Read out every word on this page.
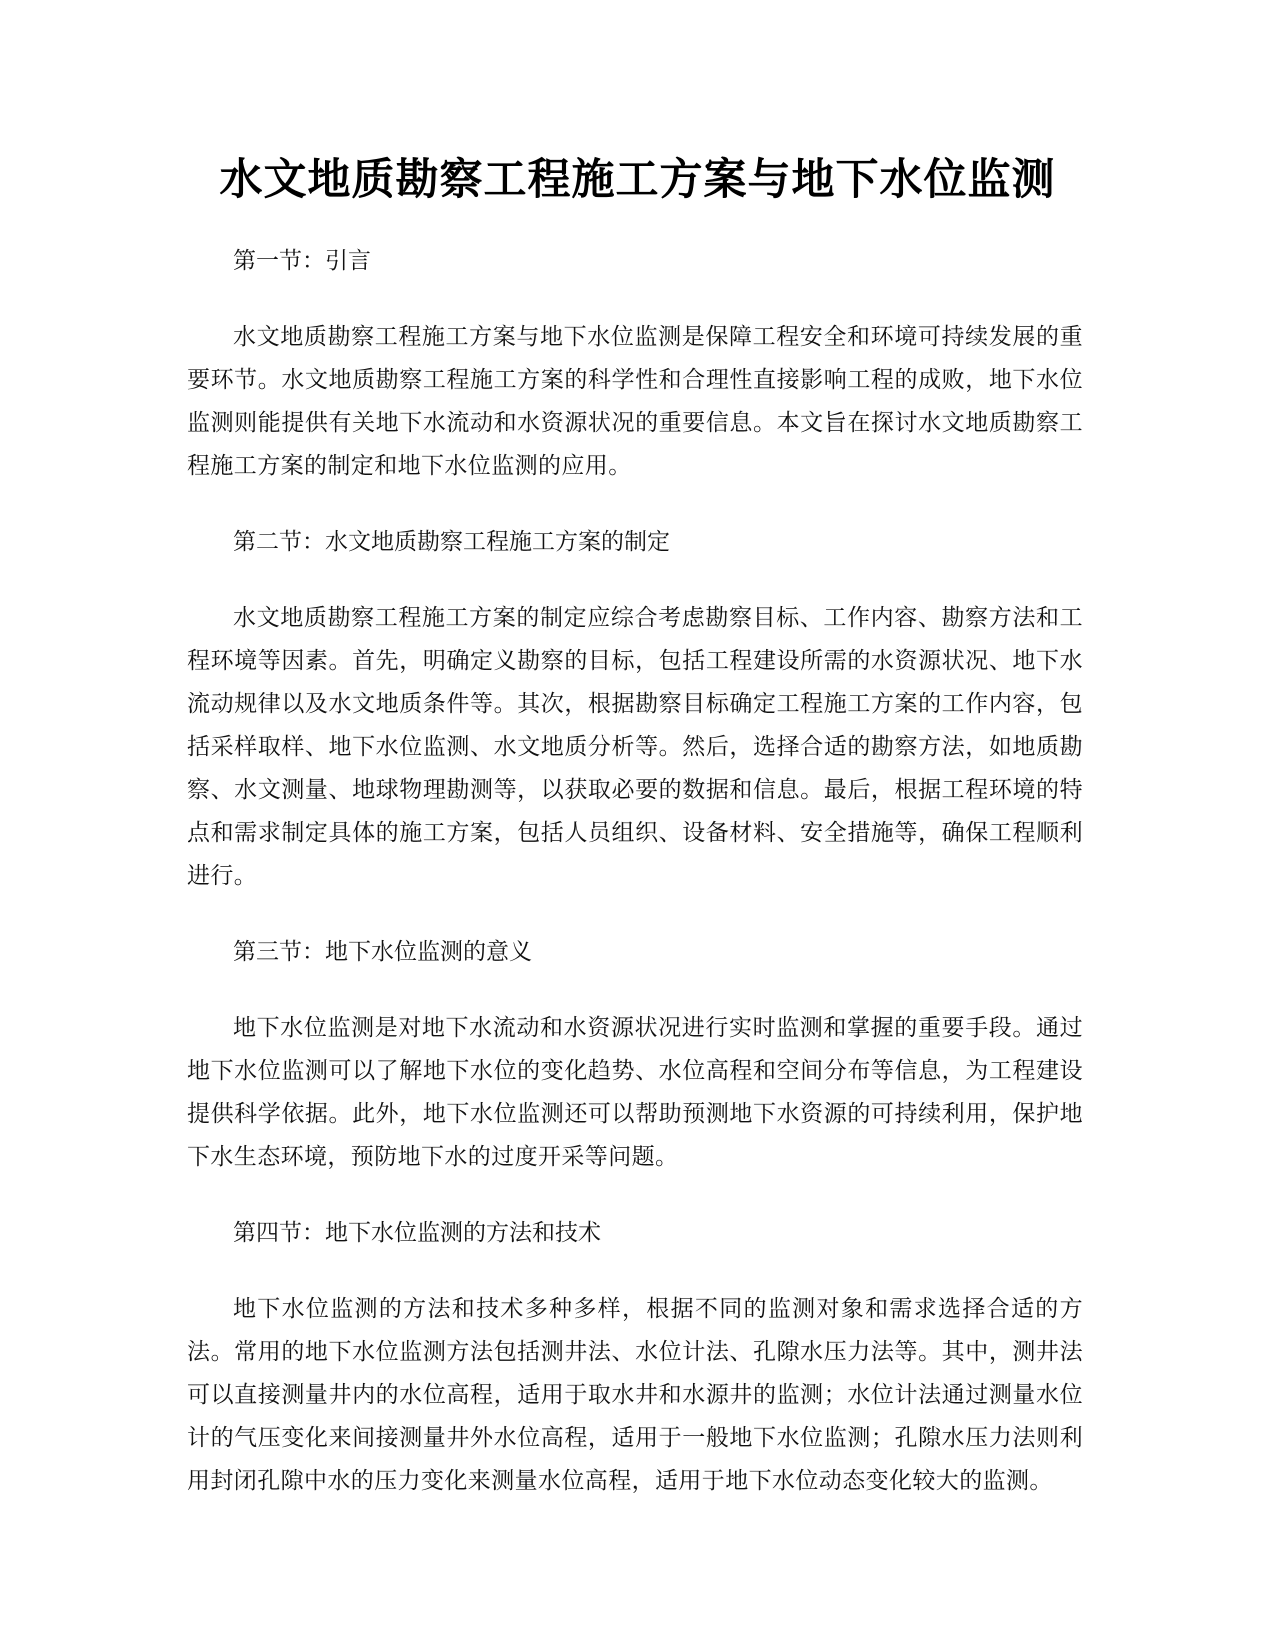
水文地质勘察工程施工方案与地下水位监测

第一节：引言

水文地质勘察工程施工方案与地下水位监测是保障工程安全和环境可持续发展的重要环节。水文地质勘察工程施工方案的科学性和合理性直接影响工程的成败，地下水位监测则能提供有关地下水流动和水资源状况的重要信息。本文旨在探讨水文地质勘察工程施工方案的制定和地下水位监测的应用。

第二节：水文地质勘察工程施工方案的制定

水文地质勘察工程施工方案的制定应综合考虑勘察目标、工作内容、勘察方法和工程环境等因素。首先，明确定义勘察的目标，包括工程建设所需的水资源状况、地下水流动规律以及水文地质条件等。其次，根据勘察目标确定工程施工方案的工作内容，包括采样取样、地下水位监测、水文地质分析等。然后，选择合适的勘察方法，如地质勘察、水文测量、地球物理勘测等，以获取必要的数据和信息。最后，根据工程环境的特点和需求制定具体的施工方案，包括人员组织、设备材料、安全措施等，确保工程顺利进行。

第三节：地下水位监测的意义

地下水位监测是对地下水流动和水资源状况进行实时监测和掌握的重要手段。通过地下水位监测可以了解地下水位的变化趋势、水位高程和空间分布等信息，为工程建设提供科学依据。此外，地下水位监测还可以帮助预测地下水资源的可持续利用，保护地下水生态环境，预防地下水的过度开采等问题。

第四节：地下水位监测的方法和技术

地下水位监测的方法和技术多种多样，根据不同的监测对象和需求选择合适的方法。常用的地下水位监测方法包括测井法、水位计法、孔隙水压力法等。其中，测井法可以直接测量井内的水位高程，适用于取水井和水源井的监测；水位计法通过测量水位计的气压变化来间接测量井外水位高程，适用于一般地下水位监测；孔隙水压力法则利用封闭孔隙中水的压力变化来测量水位高程，适用于地下水位动态变化较大的监测。
